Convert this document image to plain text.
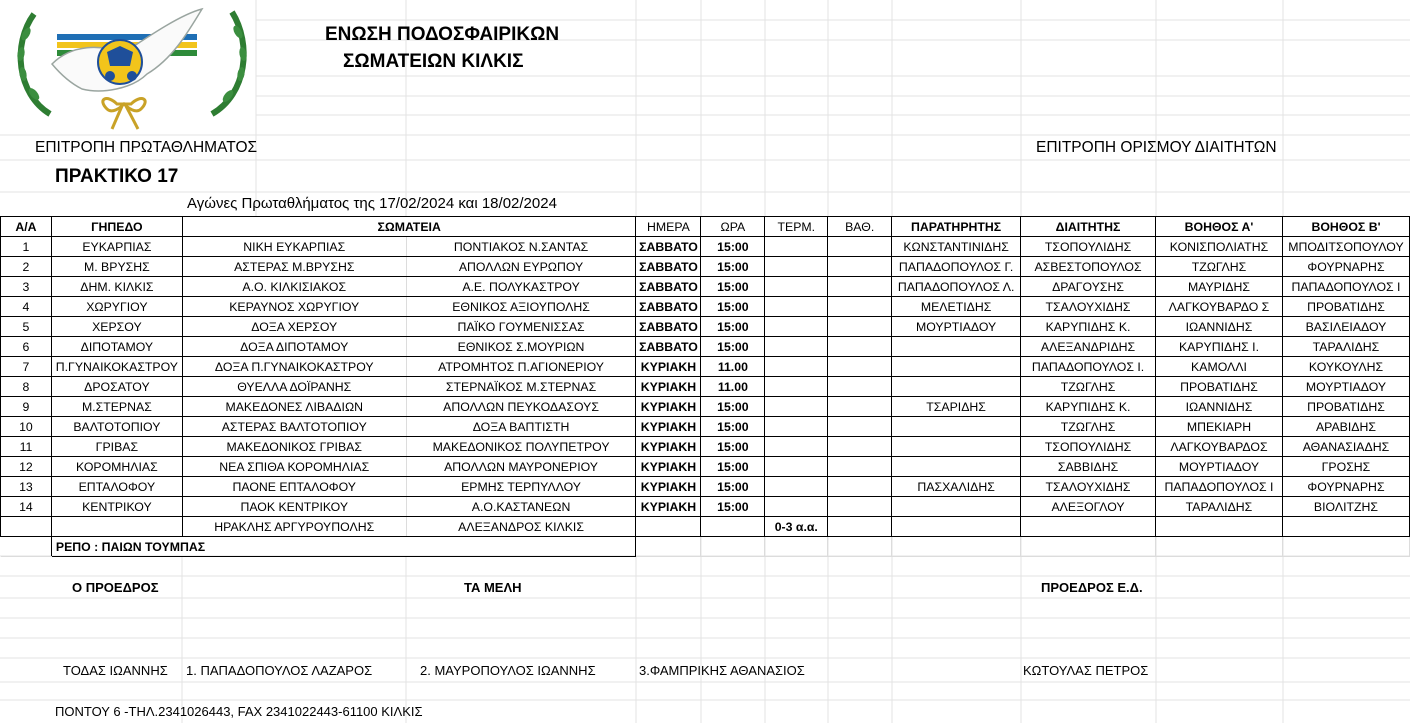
ΕΝΩΣΗ ΠΟΔΟΣΦΑΙΡΙΚΩΝ
ΣΩΜΑΤΕΙΩΝ ΚΙΛΚΙΣ
ΕΠΙΤΡΟΠΗ ΠΡΩΤΑΘΛΗΜΑΤΟΣ	ΕΠΙΤΡΟΠΗ ΟΡΙΣΜΟΥ ΔΙΑΙΤΗΤΩΝ
ΠΡΑΚΤΙΚΟ 17
Αγώνες Πρωταθλήματος της 17/02/2024 και 18/02/2024
Α/Α	ΓΗΠΕΔΟ	ΣΩΜΑΤΕΙΑ		ΗΜΕΡΑ	ΩΡΑ	ΤΕΡΜ.	ΒΑΘ.	ΠΑΡΑΤΗΡΗΤΗΣ	ΔΙΑΙΤΗΤΗΣ	ΒΟΗΘΟΣ Α'	ΒΟΗΘΟΣ Β'
1	ΕΥΚΑΡΠΙΑΣ	ΝΙΚΗ ΕΥΚΑΡΠΙΑΣ	ΠΟΝΤΙΑΚΟΣ Ν.ΣΑΝΤΑΣ	ΣΑΒΒΑΤΟ	15:00			ΚΩΝΣΤΑΝΤΙΝΙΔΗΣ	ΤΣΟΠΟΥΛΙΔΗΣ	ΚΟΝΙΣΠΟΛΙΑΤΗΣ	ΜΠΟΔΙΤΣΟΠΟΥΛΟΥ
2	Μ. ΒΡΥΣΗΣ	ΑΣΤΕΡΑΣ Μ.ΒΡΥΣΗΣ	ΑΠΟΛΛΩΝ ΕΥΡΩΠΟΥ	ΣΑΒΒΑΤΟ	15:00			ΠΑΠΑΔΟΠΟΥΛΟΣ Γ.	ΑΣΒΕΣΤΟΠΟΥΛΟΣ	ΤΖΩΓΛΗΣ	ΦΟΥΡΝΑΡΗΣ
3	ΔΗΜ. ΚΙΛΚΙΣ	Α.Ο. ΚΙΛΚΙΣΙΑΚΟΣ	Α.Ε. ΠΟΛΥΚΑΣΤΡΟΥ	ΣΑΒΒΑΤΟ	15:00			ΠΑΠΑΔΟΠΟΥΛΟΣ Λ.	ΔΡΑΓΟΥΣΗΣ	ΜΑΥΡΙΔΗΣ	ΠΑΠΑΔΟΠΟΥΛΟΣ Ι
4	ΧΩΡΥΓΙΟΥ	ΚΕΡΑΥΝΟΣ ΧΩΡΥΓΙΟΥ	ΕΘΝΙΚΟΣ ΑΞΙΟΥΠΟΛΗΣ	ΣΑΒΒΑΤΟ	15:00			ΜΕΛΕΤΙΔΗΣ	ΤΣΑΛΟΥΧΙΔΗΣ	ΛΑΓΚΟΥΒΑΡΔΟ Σ	ΠΡΟΒΑΤΙΔΗΣ
5	ΧΕΡΣΟΥ	ΔΟΞΑ ΧΕΡΣΟΥ	ΠΑΪΚΟ ΓΟΥΜΕΝΙΣΣΑΣ	ΣΑΒΒΑΤΟ	15:00			ΜΟΥΡΤΙΑΔΟΥ	ΚΑΡΥΠΙΔΗΣ Κ.	ΙΩΑΝΝΙΔΗΣ	ΒΑΣΙΛΕΙΑΔΟΥ
6	ΔΙΠΟΤΑΜΟΥ	ΔΟΞΑ ΔΙΠΟΤΑΜΟΥ	ΕΘΝΙΚΟΣ Σ.ΜΟΥΡΙΩΝ	ΣΑΒΒΑΤΟ	15:00				ΑΛΕΞΑΝΔΡΙΔΗΣ	ΚΑΡΥΠΙΔΗΣ Ι.	ΤΑΡΑΛΙΔΗΣ
7	Π.ΓΥΝΑΙΚΟΚΑΣΤΡΟΥ	ΔΟΞΑ Π.ΓΥΝΑΙΚΟΚΑΣΤΡΟΥ	ΑΤΡΟΜΗΤΟΣ Π.ΑΓΙΟΝΕΡΙΟΥ	ΚΥΡΙΑΚΗ	11.00				ΠΑΠΑΔΟΠΟΥΛΟΣ Ι.	ΚΑΜΟΛΛΙ	ΚΟΥΚΟΥΛΗΣ
8	ΔΡΟΣΑΤΟΥ	ΘΥΕΛΛΑ ΔΟΪΡΑΝΗΣ	ΣΤΕΡΝΑΪΚΟΣ Μ.ΣΤΕΡΝΑΣ	ΚΥΡΙΑΚΗ	11.00				ΤΖΩΓΛΗΣ	ΠΡΟΒΑΤΙΔΗΣ	ΜΟΥΡΤΙΑΔΟΥ
9	Μ.ΣΤΕΡΝΑΣ	ΜΑΚΕΔΟΝΕΣ ΛΙΒΑΔΙΩΝ	ΑΠΟΛΛΩΝ ΠΕΥΚΟΔΑΣΟΥΣ	ΚΥΡΙΑΚΗ	15:00			ΤΣΑΡΙΔΗΣ	ΚΑΡΥΠΙΔΗΣ Κ.	ΙΩΑΝΝΙΔΗΣ	ΠΡΟΒΑΤΙΔΗΣ
10	ΒΑΛΤΟΤΟΠΙΟΥ	ΑΣΤΕΡΑΣ ΒΑΛΤΟΤΟΠΙΟΥ	ΔΟΞΑ ΒΑΠΤΙΣΤΗ	ΚΥΡΙΑΚΗ	15:00				ΤΖΩΓΛΗΣ	ΜΠΕΚΙΑΡΗ	ΑΡΑΒΙΔΗΣ
11	ΓΡΙΒΑΣ	ΜΑΚΕΔΟΝΙΚΟΣ ΓΡΙΒΑΣ	ΜΑΚΕΔΟΝΙΚΟΣ ΠΟΛΥΠΕΤΡΟΥ	ΚΥΡΙΑΚΗ	15:00				ΤΣΟΠΟΥΛΙΔΗΣ	ΛΑΓΚΟΥΒΑΡΔΟΣ	ΑΘΑΝΑΣΙΑΔΗΣ
12	ΚΟΡΟΜΗΛΙΑΣ	ΝΕΑ ΣΠΙΘΑ ΚΟΡΟΜΗΛΙΑΣ	ΑΠΟΛΛΩΝ ΜΑΥΡΟΝΕΡΙΟΥ	ΚΥΡΙΑΚΗ	15:00				ΣΑΒΒΙΔΗΣ	ΜΟΥΡΤΙΑΔΟΥ	ΓΡΟΣΗΣ
13	ΕΠΤΑΛΟΦΟΥ	ΠΑΟΝΕ ΕΠΤΑΛΟΦΟΥ	ΕΡΜΗΣ ΤΕΡΠΥΛΛΟΥ	ΚΥΡΙΑΚΗ	15:00			ΠΑΣΧΑΛΙΔΗΣ	ΤΣΑΛΟΥΧΙΔΗΣ	ΠΑΠΑΔΟΠΟΥΛΟΣ Ι	ΦΟΥΡΝΑΡΗΣ
14	ΚΕΝΤΡΙΚΟΥ	ΠΑΟΚ ΚΕΝΤΡΙΚΟΥ	Α.Ο.ΚΑΣΤΑΝΕΩΝ	ΚΥΡΙΑΚΗ	15:00				ΑΛΕΞΟΓΛΟΥ	ΤΑΡΑΛΙΔΗΣ	ΒΙΟΛΙΤΖΗΣ
		ΗΡΑΚΛΗΣ ΑΡΓΥΡΟΥΠΟΛΗΣ	ΑΛΕΞΑΝΔΡΟΣ ΚΙΛΚΙΣ			0-3 α.α.					
	ΡΕΠΟ : ΠΑΙΩΝ ΤΟΥΜΠΑΣ										
Ο ΠΡΟΕΔΡΟΣ	ΤΑ ΜΕΛΗ	ΠΡΟΕΔΡΟΣ Ε.Δ.
ΤΟΔΑΣ ΙΩΑΝΝΗΣ 1. ΠΑΠΑΔΟΠΟΥΛΟΣ ΛΑΖΑΡΟΣ	2. ΜΑΥΡΟΠΟΥΛΟΣ ΙΩΑΝΝΗΣ	3.ΦΑΜΠΡΙΚΗΣ ΑΘΑΝΑΣΙΟΣ	ΚΩΤΟΥΛΑΣ ΠΕΤΡΟΣ
ΠΟΝΤΟΥ 6 -ΤΗΛ.2341026443, FAX 2341022443-61100 ΚΙΛΚΙΣ
